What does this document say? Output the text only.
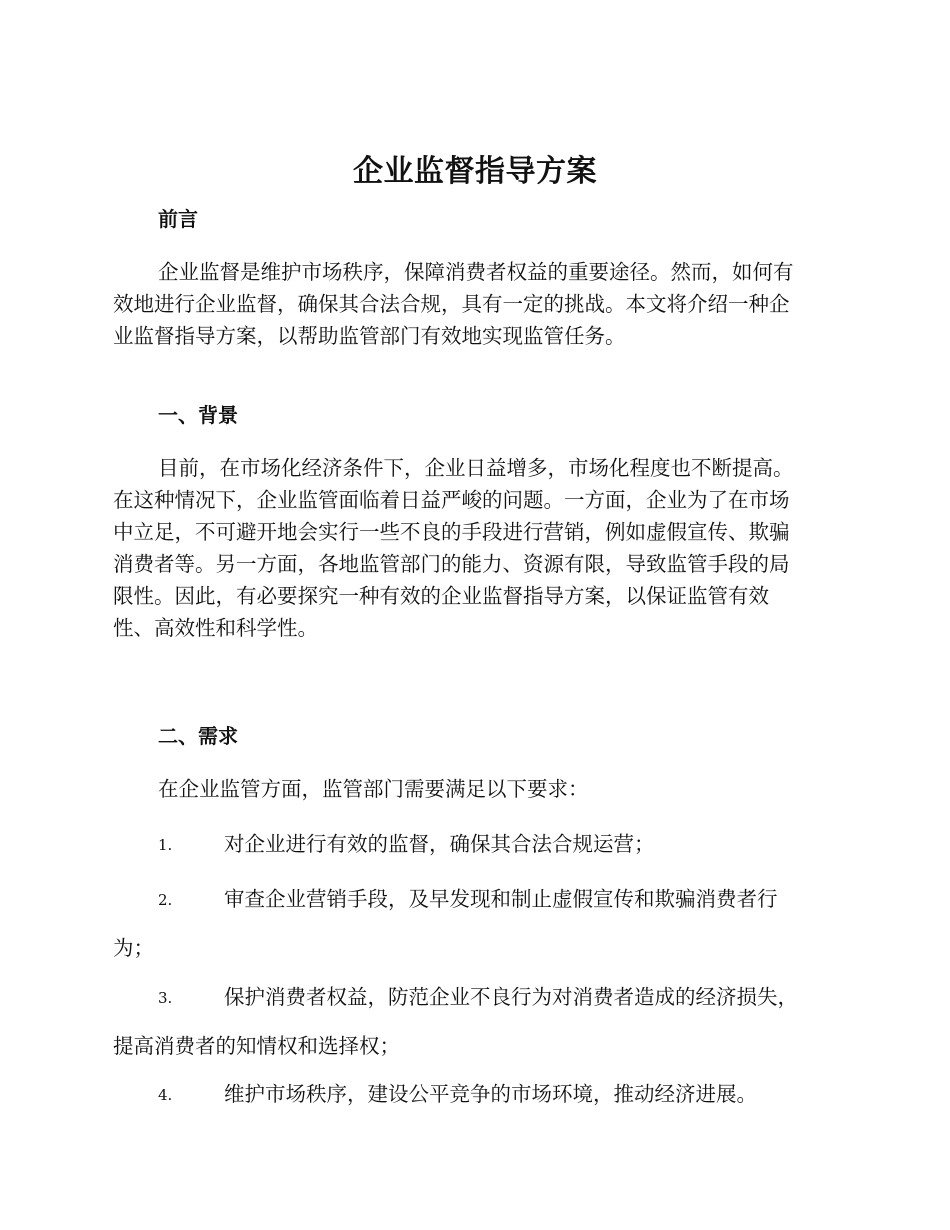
企业监督指导方案
前言

企业监督是维护市场秩序，保障消费者权益的重要途径。然而，如何有
效地进行企业监督，确保其合法合规，具有一定的挑战。本文将介绍一种企
业监督指导方案，以帮助监管部门有效地实现监管任务。

一、背景

目前，在市场化经济条件下，企业日益增多，市场化程度也不断提高。
在这种情况下，企业监管面临着日益严峻的问题。一方面，企业为了在市场
中立足，不可避开地会实行一些不良的手段进行营销，例如虚假宣传、欺骗
消费者等。另一方面，各地监管部门的能力、资源有限，导致监管手段的局
限性。因此，有必要探究一种有效的企业监督指导方案，以保证监管有效
性、高效性和科学性。

二、需求

在企业监管方面，监管部门需要满足以下要求：

1.	对企业进行有效的监督，确保其合法合规运营；
2.	审查企业营销手段，及早发现和制止虚假宣传和欺骗消费者行
为；
3.	保护消费者权益，防范企业不良行为对消费者造成的经济损失，
提高消费者的知情权和选择权；
4.	维护市场秩序，建设公平竞争的市场环境，推动经济进展。
